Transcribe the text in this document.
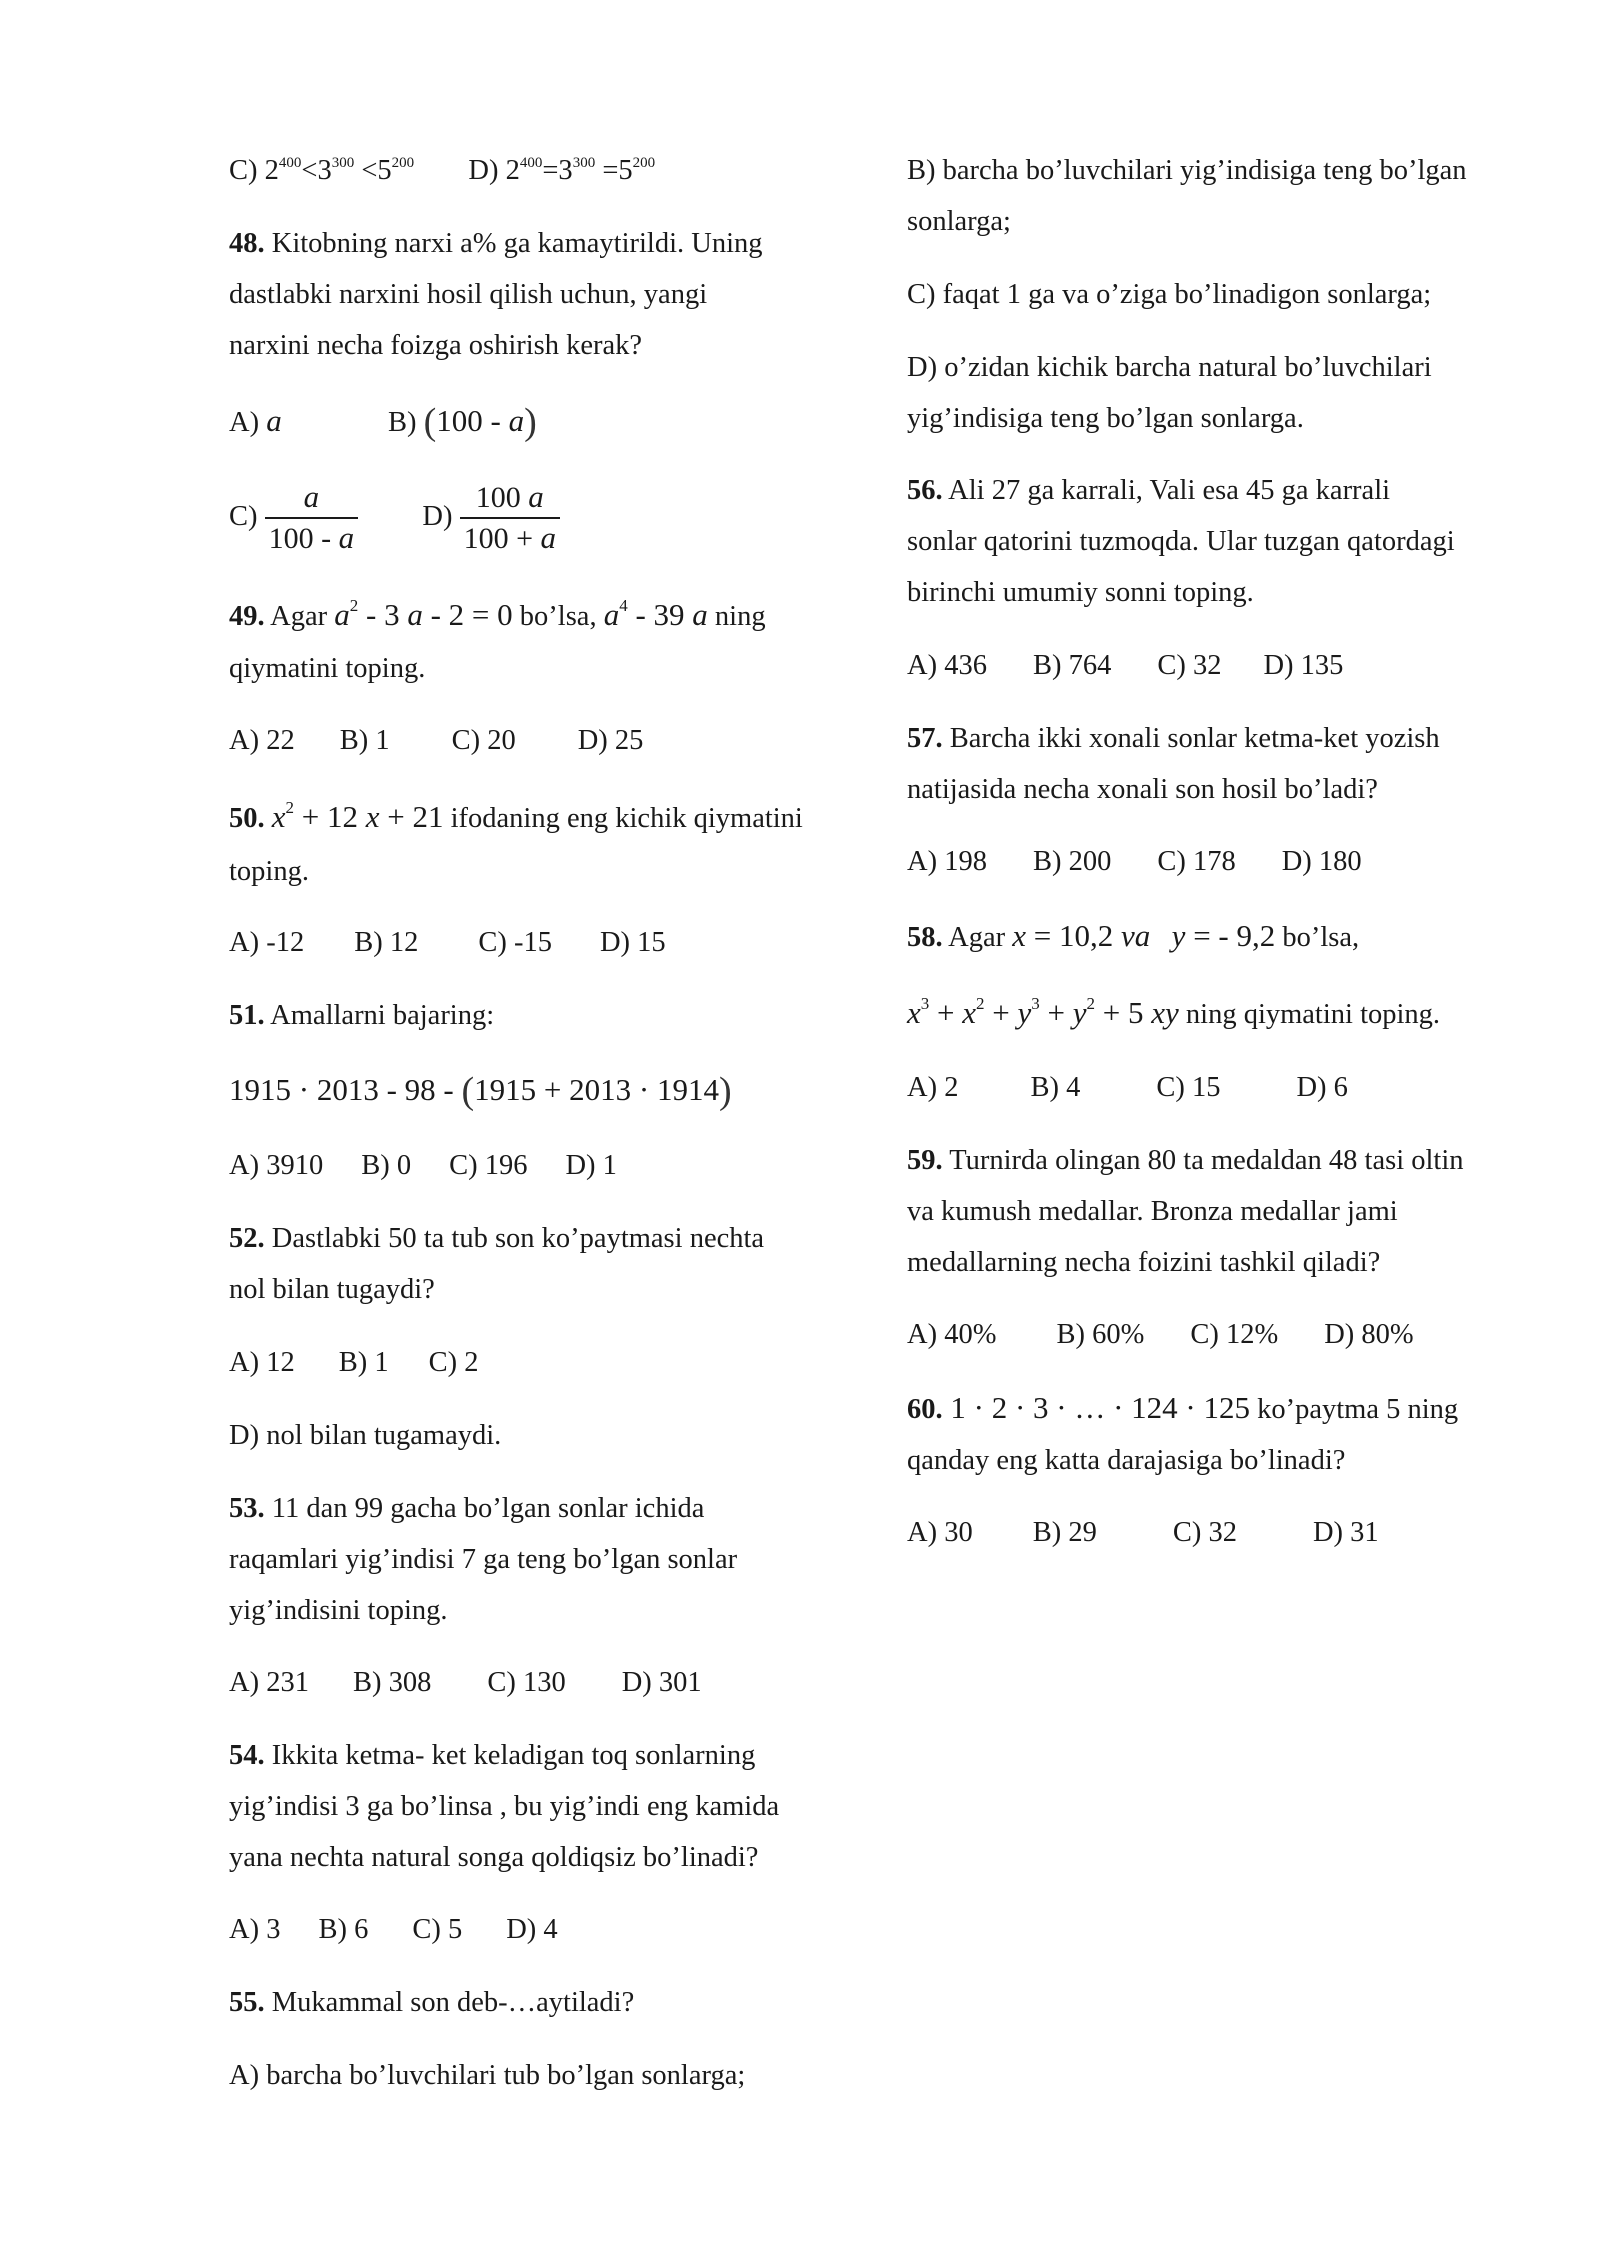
C) $2^{400}<3^{300} <5^{200}$ D) $2^{400}=3^{300} =5^{200}$
48. Kitobning narxi a% ga kamaytirildi. Uning
dastlabki narxini hosil qilish uchun, yangi
narxini necha foizga oshirish kerak?
A) a	B) (100 - a)
$C) \frac{a}{100 - a} D) \frac{100 a}{100 + a}$
49. Agar $a^2 - 3$ a - 2 = 0 bo’lsa, $a^4 - 39$ a ning
qiymatini toping.
A) 22 B) 1 C) 20 D) 25
50. $x^2 + 12$ x + 21 ifodaning eng kichik qiymatini
toping.
A) -12 B) 12 C) -15 D) 15
51. Amallarni bajaring:
1915 · 2013 - 98 - (1915 + 2013 · 1914)
A) 3910 B) 0 C) 196 D) 1
52. Dastlabki 50 ta tub son ko’paytmasi nechta
nol bilan tugaydi?
A) 12 B) 1 C) 2
D) nol bilan tugamaydi.
53. 11 dan 99 gacha bo’lgan sonlar ichida
raqamlari yig’indisi 7 ga teng bo’lgan sonlar
yig’indisini toping.
A) 231 B) 308 C) 130 D) 301
54. Ikkita ketma- ket keladigan toq sonlarning
yig’indisi 3 ga bo’linsa , bu yig’indi eng kamida
yana nechta natural songa qoldiqsiz bo’linadi?
A) 3 B) 6 C) 5 D) 4
55. Mukammal son deb-…aytiladi?
A) barcha bo’luvchilari tub bo’lgan sonlarga;
B) barcha bo’luvchilari yig’indisiga teng bo’lgan
sonlarga;
C) faqat 1 ga va o’ziga bo’linadigon sonlarga;
D) o’zidan kichik barcha natural bo’luvchilari
yig’indisiga teng bo’lgan sonlarga.
56. Ali 27 ga karrali, Vali esa 45 ga karrali
sonlar qatorini tuzmoqda. Ular tuzgan qatordagi
birinchi umumiy sonni toping.
A) 436 B) 764 C) 32 D) 135
57. Barcha ikki xonali sonlar ketma-ket yozish
natijasida necha xonali son hosil bo’ladi?
A) 198 B) 200 C) 178 D) 180
58. Agar x = 10,2 va y = - 9,2 bo’lsa,
$x^3 + x^2 + y^3 + y^2 + 5$ xy ning qiymatini toping.
A) 2	B) 4	C) 15	D) 6
59. Turnirda olingan 80 ta medaldan 48 tasi oltin
va kumush medallar. Bronza medallar jami
medallarning necha foizini tashkil qiladi?
A) 40% B) 60% C) 12% D) 80%
60. 1 · 2 · 3 · … · 124 · 125 ko’paytma 5 ning
qanday eng katta darajasiga bo’linadi?
A) 30 B) 29	C) 32	D) 31
